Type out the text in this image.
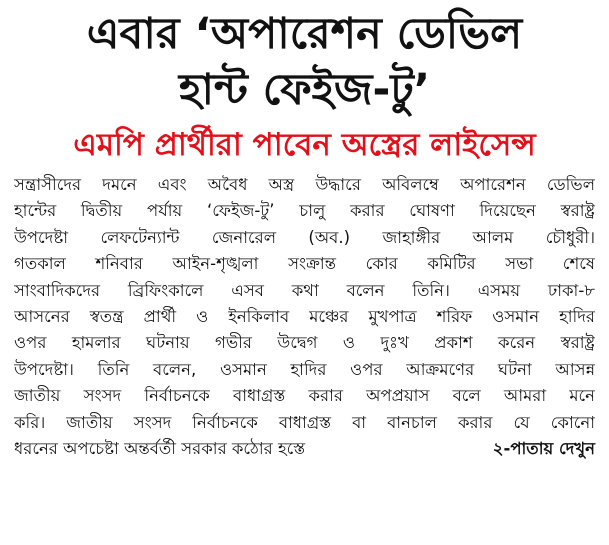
এবার ‘অপারেশন ডেভিল
হান্ট ফেইজ-টু’
এমপি প্রার্থীরা পাবেন অস্ত্রের লাইসেন্স
সন্ত্রাসীদের দমনে এবং অবৈধ অস্ত্র উদ্ধারে অবিলম্বে অপারেশন ডেভিল
হান্টের দ্বিতীয় পর্যায় ‘ফেইজ-টু’ চালু করার ঘোষণা দিয়েছেন স্বরাষ্ট্র
উপদেষ্টা লেফটেন্যান্ট জেনারেল (অব.) জাহাঙ্গীর আলম চৌধুরী।
গতকাল শনিবার আইন-শৃঙ্খলা সংক্রান্ত কোর কমিটির সভা শেষে
সাংবাদিকদের ব্রিফিংকালে এসব কথা বলেন তিনি। এসময় ঢাকা-৮
আসনের স্বতন্ত্র প্রার্থী ও ইনকিলাব মঞ্চের মুখপাত্র শরিফ ওসমান হাদির
ওপর হামলার ঘটনায় গভীর উদ্বেগ ও দুঃখ প্রকাশ করেন স্বরাষ্ট্র
উপদেষ্টা। তিনি বলেন, ওসমান হাদির ওপর আক্রমণের ঘটনা আসন্ন
জাতীয় সংসদ নির্বাচনকে বাধাগ্রস্ত করার অপপ্রয়াস বলে আমরা মনে
করি। জাতীয় সংসদ নির্বাচনকে বাধাগ্রস্ত বা বানচাল করার যে কোনো
ধরনের অপচেষ্টা অন্তর্বর্তী সরকার কঠোর হস্তে	২-পাতায় দেখুন
